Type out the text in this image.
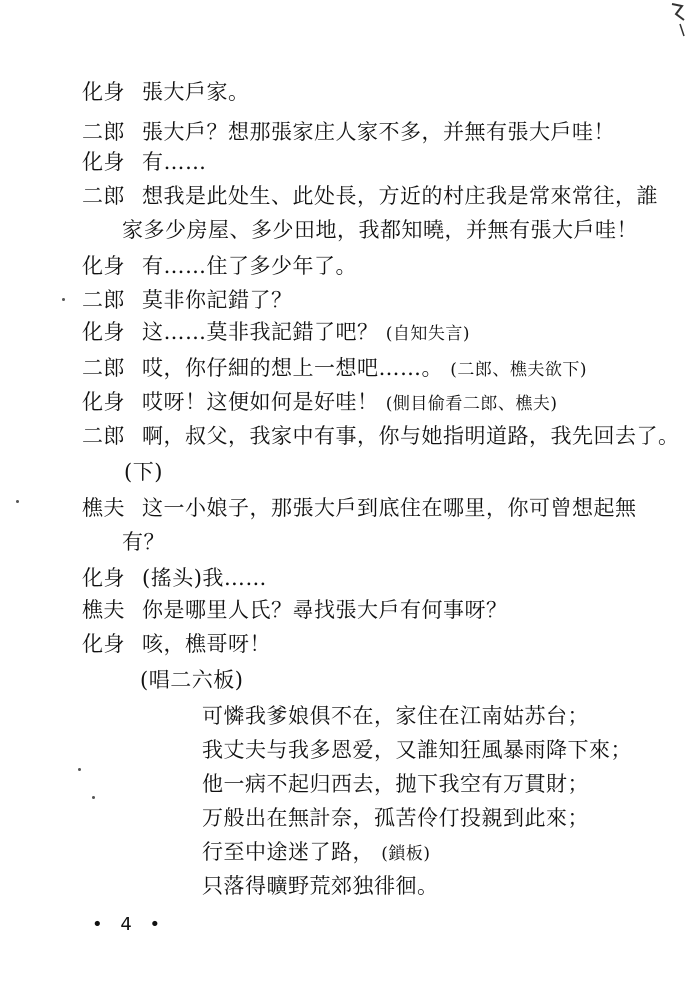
化身 張大戶家。
二郎 張大戶？想那張家庄人家不多，并無有張大戶哇！
化身 有……
二郎 想我是此处生、此处長，方近的村庄我是常來常往，誰
家多少房屋、多少田地，我都知曉，并無有張大戶哇！
化身 有……住了多少年了。
二郎 莫非你記錯了？
化身 这……莫非我記錯了吧？ (自知失言)
二郎 哎，你仔細的想上一想吧……。 (二郎、樵夫欲下)
化身 哎呀！这便如何是好哇！ (側目偷看二郎、樵夫)
二郎 啊，叔父，我家中有事，你与她指明道路，我先回去了。
(下)
樵夫 这一小娘子，那張大戶到底住在哪里，你可曾想起無
有？
化身 (搖头)我……
樵夫 你是哪里人氏？尋找張大戶有何事呀？
化身 咳，樵哥呀！
(唱二六板)
可憐我爹娘俱不在，家住在江南姑苏台；
我丈夫与我多恩爱，又誰知狂風暴雨降下來；
他一病不起归西去，抛下我空有万貫財；
万般出在無計奈，孤苦伶仃投親到此來；
行至中途迷了路， (鎖板)
只落得曠野荒郊独徘徊。
• 4 •
